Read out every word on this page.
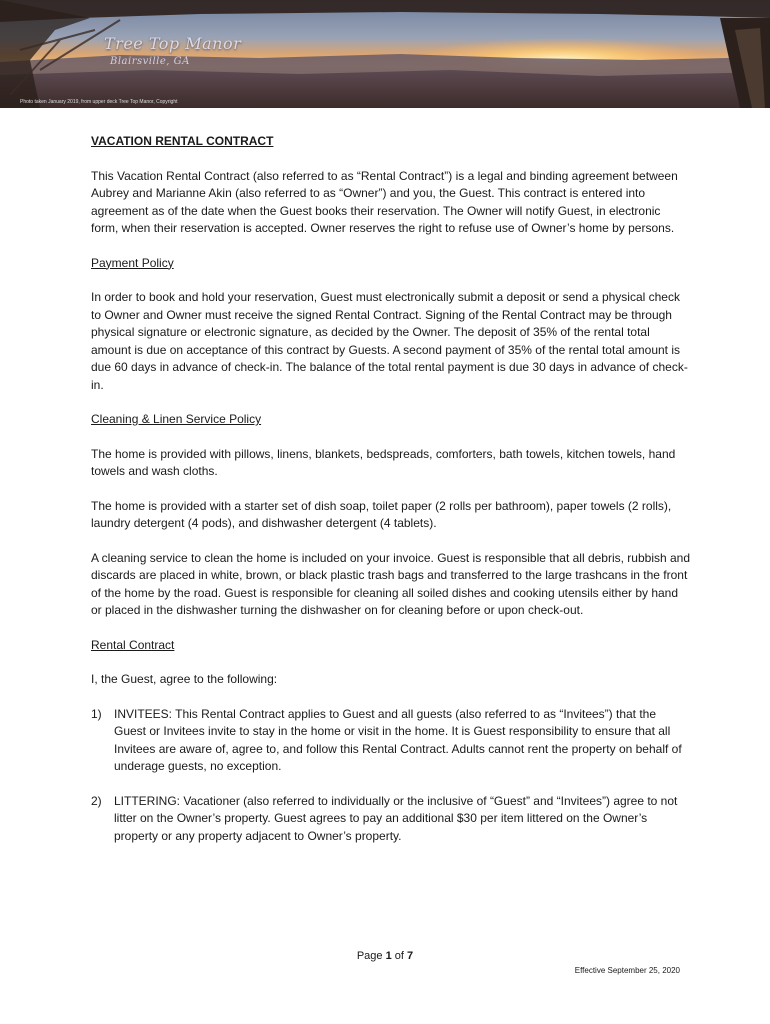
Tree Top Manor
Blairsville, GA
Photo taken January 2019, from upper deck Tree Top Manor, Copyright
VACATION RENTAL CONTRACT

This Vacation Rental Contract (also referred to as “Rental Contract”) is a legal and binding agreement between Aubrey and Marianne Akin (also referred to as “Owner”) and you, the Guest. This contract is entered into agreement as of the date when the Guest books their reservation. The Owner will notify Guest, in electronic form, when their reservation is accepted. Owner reserves the right to refuse use of Owner’s home by persons.

Payment Policy

In order to book and hold your reservation, Guest must electronically submit a deposit or send a physical check to Owner and Owner must receive the signed Rental Contract. Signing of the Rental Contract may be through physical signature or electronic signature, as decided by the Owner. The deposit of 35% of the rental total amount is due on acceptance of this contract by Guests. A second payment of 35% of the rental total amount is due 60 days in advance of check-in. The balance of the total rental payment is due 30 days in advance of check-in.

Cleaning & Linen Service Policy

The home is provided with pillows, linens, blankets, bedspreads, comforters, bath towels, kitchen towels, hand towels and wash cloths.

The home is provided with a starter set of dish soap, toilet paper (2 rolls per bathroom), paper towels (2 rolls), laundry detergent (4 pods), and dishwasher detergent (4 tablets).

A cleaning service to clean the home is included on your invoice. Guest is responsible that all debris, rubbish and discards are placed in white, brown, or black plastic trash bags and transferred to the large trashcans in the front of the home by the road. Guest is responsible for cleaning all soiled dishes and cooking utensils either by hand or placed in the dishwasher turning the dishwasher on for cleaning before or upon check-out.

Rental Contract

I, the Guest, agree to the following:

1) INVITEES: This Rental Contract applies to Guest and all guests (also referred to as “Invitees”) that the Guest or Invitees invite to stay in the home or visit in the home. It is Guest responsibility to ensure that all Invitees are aware of, agree to, and follow this Rental Contract. Adults cannot rent the property on behalf of underage guests, no exception.
2) LITTERING: Vacationer (also referred to individually or the inclusive of “Guest” and “Invitees”) agree to not litter on the Owner’s property. Guest agrees to pay an additional $30 per item littered on the Owner’s property or any property adjacent to Owner’s property.
Page 1 of 7
Effective September 25, 2020
